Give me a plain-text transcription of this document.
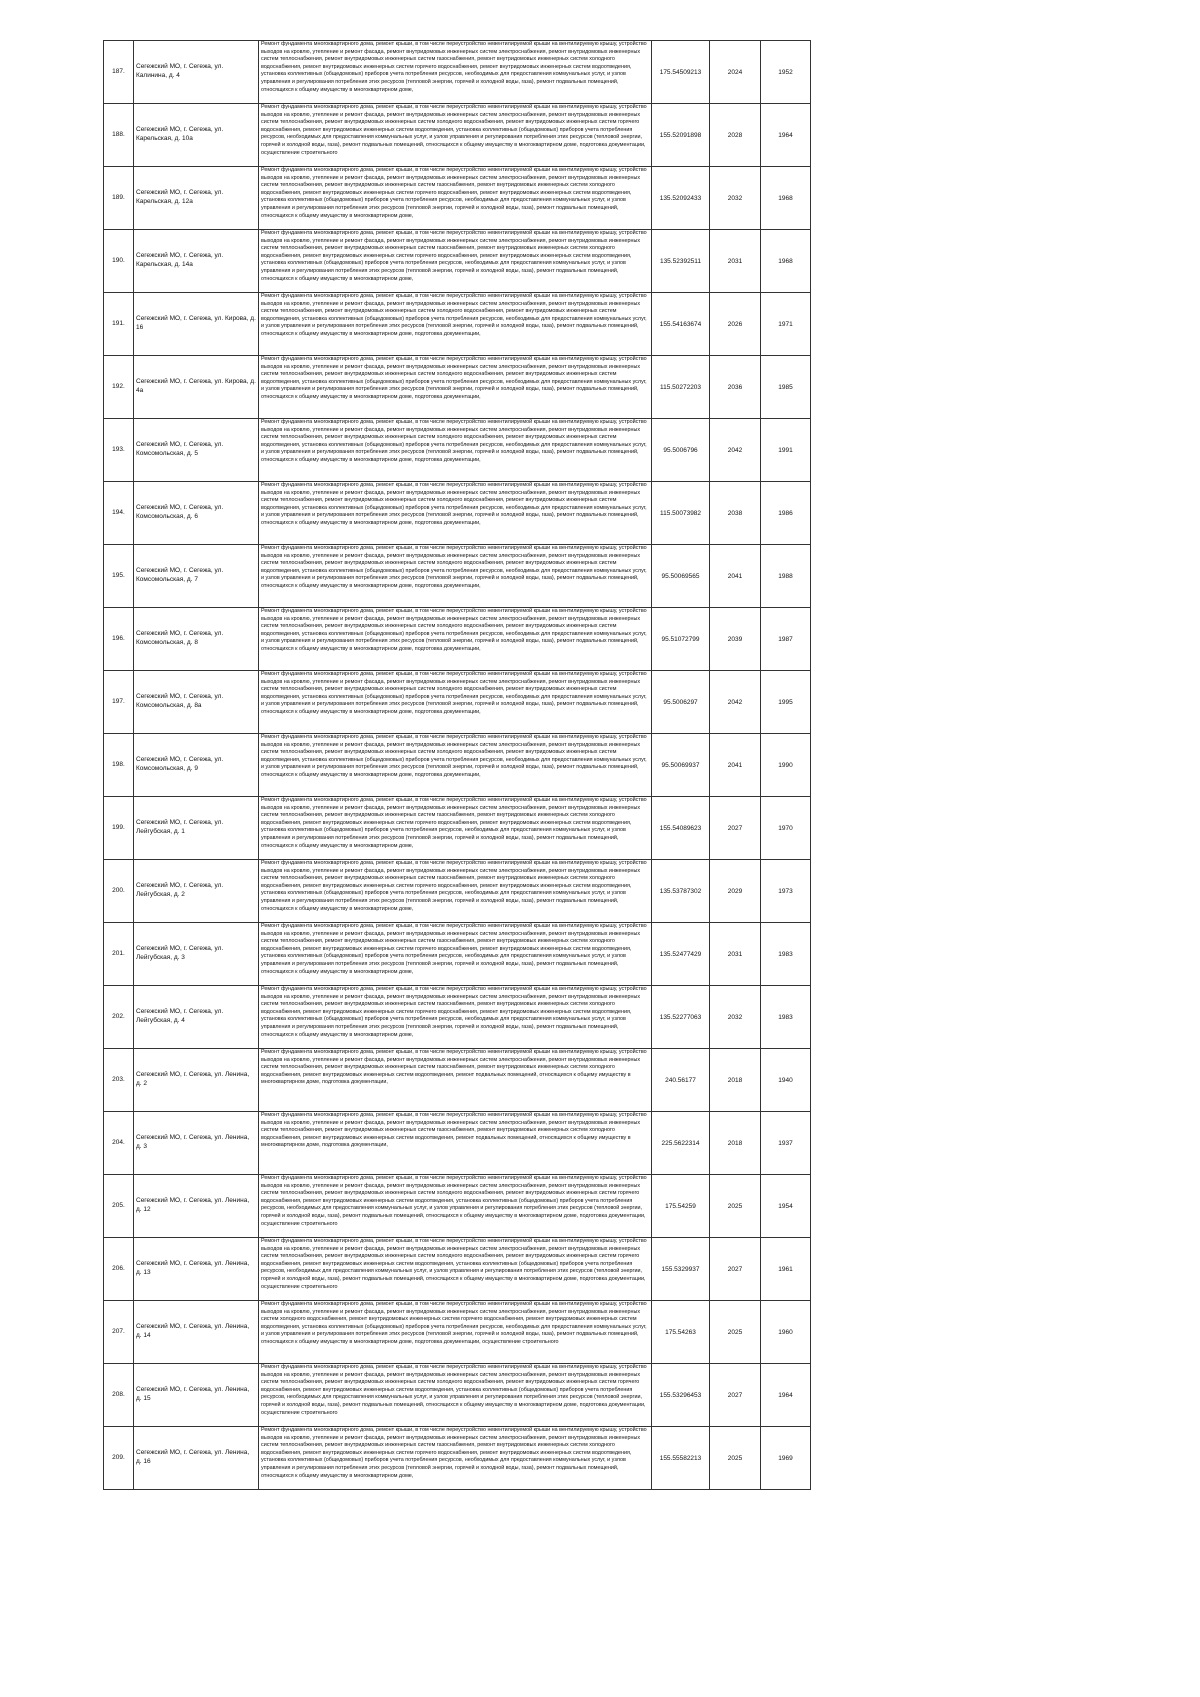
187.	Сегежский МО, г. Сегежа, ул. Калинина, д. 4	Ремонт фундамента многоквартирного дома, ремонт крыши, в том числе переустройство невентилируемой крыши на вентилируемую крышу, устройство выходов на кровлю, утепление и ремонт фасада, ремонт внутридомовых инженерных систем электроснабжения, ремонт внутридомовых инженерных систем теплоснабжения, ремонт внутридомовых инженерных систем газоснабжения, ремонт внутридомовых инженерных систем холодного водоснабжения, ремонт внутридомовых инженерных систем горячего водоснабжения, ремонт внутридомовых инженерных систем водоотведения, установка коллективных (общедомовых) приборов учета потребления ресурсов, необходимых для предоставления коммунальных услуг, и узлов управления и регулирования потребления этих ресурсов (тепловой энергии, горячей и холодной воды, газа), ремонт подвальных помещений, относящихся к общему имуществу в многоквартирном доме,	175.54509213	2024	1952
188.	Сегежский МО, г. Сегежа, ул. Карельская, д. 10а	Ремонт фундамента многоквартирного дома, ремонт крыши, в том числе переустройство невентилируемой крыши на вентилируемую крышу, устройство выходов на кровлю, утепление и ремонт фасада, ремонт внутридомовых инженерных систем электроснабжения, ремонт внутридомовых инженерных систем теплоснабжения, ремонт внутридомовых инженерных систем холодного водоснабжения, ремонт внутридомовых инженерных систем горячего водоснабжения, ремонт внутридомовых инженерных систем водоотведения, установка коллективных (общедомовых) приборов учета потребления ресурсов, необходимых для предоставления коммунальных услуг, и узлов управления и регулирования потребления этих ресурсов (тепловой энергии, горячей и холодной воды, газа), ремонт подвальных помещений, относящихся к общему имуществу в многоквартирном доме, подготовка документации, осуществление строительного	155.52091898	2028	1964
189.	Сегежский МО, г. Сегежа, ул. Карельская, д. 12а	Ремонт фундамента многоквартирного дома, ремонт крыши, в том числе переустройство невентилируемой крыши на вентилируемую крышу, устройство выходов на кровлю, утепление и ремонт фасада, ремонт внутридомовых инженерных систем электроснабжения, ремонт внутридомовых инженерных систем теплоснабжения, ремонт внутридомовых инженерных систем газоснабжения, ремонт внутридомовых инженерных систем холодного водоснабжения, ремонт внутридомовых инженерных систем горячего водоснабжения, ремонт внутридомовых инженерных систем водоотведения, установка коллективных (общедомовых) приборов учета потребления ресурсов, необходимых для предоставления коммунальных услуг, и узлов управления и регулирования потребления этих ресурсов (тепловой энергии, горячей и холодной воды, газа), ремонт подвальных помещений, относящихся к общему имуществу в многоквартирном доме,	135.52092433	2032	1968
190.	Сегежский МО, г. Сегежа, ул. Карельская, д. 14а	Ремонт фундамента многоквартирного дома, ремонт крыши, в том числе переустройство невентилируемой крыши на вентилируемую крышу, устройство выходов на кровлю, утепление и ремонт фасада, ремонт внутридомовых инженерных систем электроснабжения, ремонт внутридомовых инженерных систем теплоснабжения, ремонт внутридомовых инженерных систем газоснабжения, ремонт внутридомовых инженерных систем холодного водоснабжения, ремонт внутридомовых инженерных систем горячего водоснабжения, ремонт внутридомовых инженерных систем водоотведения, установка коллективных (общедомовых) приборов учета потребления ресурсов, необходимых для предоставления коммунальных услуг, и узлов управления и регулирования потребления этих ресурсов (тепловой энергии, горячей и холодной воды, газа), ремонт подвальных помещений, относящихся к общему имуществу в многоквартирном доме,	135.52392511	2031	1968
191.	Сегежский МО, г. Сегежа, ул. Кирова, д. 16	Ремонт фундамента многоквартирного дома, ремонт крыши, в том числе переустройство невентилируемой крыши на вентилируемую крышу, устройство выходов на кровлю, утепление и ремонт фасада, ремонт внутридомовых инженерных систем электроснабжения, ремонт внутридомовых инженерных систем теплоснабжения, ремонт внутридомовых инженерных систем холодного водоснабжения, ремонт внутридомовых инженерных систем водоотведения, установка коллективных (общедомовых) приборов учета потребления ресурсов, необходимых для предоставления коммунальных услуг, и узлов управления и регулирования потребления этих ресурсов (тепловой энергии, горячей и холодной воды, газа), ремонт подвальных помещений, относящихся к общему имуществу в многоквартирном доме, подготовка документации,	155.54163674	2026	1971
192.	Сегежский МО, г. Сегежа, ул. Кирова, д. 4а	Ремонт фундамента многоквартирного дома, ремонт крыши, в том числе переустройство невентилируемой крыши на вентилируемую крышу, устройство выходов на кровлю, утепление и ремонт фасада, ремонт внутридомовых инженерных систем электроснабжения, ремонт внутридомовых инженерных систем теплоснабжения, ремонт внутридомовых инженерных систем холодного водоснабжения, ремонт внутридомовых инженерных систем водоотведения, установка коллективных (общедомовых) приборов учета потребления ресурсов, необходимых для предоставления коммунальных услуг, и узлов управления и регулирования потребления этих ресурсов (тепловой энергии, горячей и холодной воды, газа), ремонт подвальных помещений, относящихся к общему имуществу в многоквартирном доме, подготовка документации,	115.50272203	2036	1985
193.	Сегежский МО, г. Сегежа, ул. Комсомольская, д. 5	Ремонт фундамента многоквартирного дома, ремонт крыши, в том числе переустройство невентилируемой крыши на вентилируемую крышу, устройство выходов на кровлю, утепление и ремонт фасада, ремонт внутридомовых инженерных систем электроснабжения, ремонт внутридомовых инженерных систем теплоснабжения, ремонт внутридомовых инженерных систем холодного водоснабжения, ремонт внутридомовых инженерных систем водоотведения, установка коллективных (общедомовых) приборов учета потребления ресурсов, необходимых для предоставления коммунальных услуг, и узлов управления и регулирования потребления этих ресурсов (тепловой энергии, горячей и холодной воды, газа), ремонт подвальных помещений, относящихся к общему имуществу в многоквартирном доме, подготовка документации,	95.5006796	2042	1991
194.	Сегежский МО, г. Сегежа, ул. Комсомольская, д. 6	Ремонт фундамента многоквартирного дома, ремонт крыши, в том числе переустройство невентилируемой крыши на вентилируемую крышу, устройство выходов на кровлю, утепление и ремонт фасада, ремонт внутридомовых инженерных систем электроснабжения, ремонт внутридомовых инженерных систем теплоснабжения, ремонт внутридомовых инженерных систем холодного водоснабжения, ремонт внутридомовых инженерных систем водоотведения, установка коллективных (общедомовых) приборов учета потребления ресурсов, необходимых для предоставления коммунальных услуг, и узлов управления и регулирования потребления этих ресурсов (тепловой энергии, горячей и холодной воды, газа), ремонт подвальных помещений, относящихся к общему имуществу в многоквартирном доме, подготовка документации,	115.50073982	2038	1986
195.	Сегежский МО, г. Сегежа, ул. Комсомольская, д. 7	Ремонт фундамента многоквартирного дома, ремонт крыши, в том числе переустройство невентилируемой крыши на вентилируемую крышу, устройство выходов на кровлю, утепление и ремонт фасада, ремонт внутридомовых инженерных систем электроснабжения, ремонт внутридомовых инженерных систем теплоснабжения, ремонт внутридомовых инженерных систем холодного водоснабжения, ремонт внутридомовых инженерных систем водоотведения, установка коллективных (общедомовых) приборов учета потребления ресурсов, необходимых для предоставления коммунальных услуг, и узлов управления и регулирования потребления этих ресурсов (тепловой энергии, горячей и холодной воды, газа), ремонт подвальных помещений, относящихся к общему имуществу в многоквартирном доме, подготовка документации,	95.50069565	2041	1988
196.	Сегежский МО, г. Сегежа, ул. Комсомольская, д. 8	Ремонт фундамента многоквартирного дома, ремонт крыши, в том числе переустройство невентилируемой крыши на вентилируемую крышу, устройство выходов на кровлю, утепление и ремонт фасада, ремонт внутридомовых инженерных систем электроснабжения, ремонт внутридомовых инженерных систем теплоснабжения, ремонт внутридомовых инженерных систем холодного водоснабжения, ремонт внутридомовых инженерных систем водоотведения, установка коллективных (общедомовых) приборов учета потребления ресурсов, необходимых для предоставления коммунальных услуг, и узлов управления и регулирования потребления этих ресурсов (тепловой энергии, горячей и холодной воды, газа), ремонт подвальных помещений, относящихся к общему имуществу в многоквартирном доме, подготовка документации,	95.51072799	2039	1987
197.	Сегежский МО, г. Сегежа, ул. Комсомольская, д. 8а	Ремонт фундамента многоквартирного дома, ремонт крыши, в том числе переустройство невентилируемой крыши на вентилируемую крышу, устройство выходов на кровлю, утепление и ремонт фасада, ремонт внутридомовых инженерных систем электроснабжения, ремонт внутридомовых инженерных систем теплоснабжения, ремонт внутридомовых инженерных систем холодного водоснабжения, ремонт внутридомовых инженерных систем водоотведения, установка коллективных (общедомовых) приборов учета потребления ресурсов, необходимых для предоставления коммунальных услуг, и узлов управления и регулирования потребления этих ресурсов (тепловой энергии, горячей и холодной воды, газа), ремонт подвальных помещений, относящихся к общему имуществу в многоквартирном доме, подготовка документации,	95.5006297	2042	1995
198.	Сегежский МО, г. Сегежа, ул. Комсомольская, д. 9	Ремонт фундамента многоквартирного дома, ремонт крыши, в том числе переустройство невентилируемой крыши на вентилируемую крышу, устройство выходов на кровлю, утепление и ремонт фасада, ремонт внутридомовых инженерных систем электроснабжения, ремонт внутридомовых инженерных систем теплоснабжения, ремонт внутридомовых инженерных систем холодного водоснабжения, ремонт внутридомовых инженерных систем водоотведения, установка коллективных (общедомовых) приборов учета потребления ресурсов, необходимых для предоставления коммунальных услуг, и узлов управления и регулирования потребления этих ресурсов (тепловой энергии, горячей и холодной воды, газа), ремонт подвальных помещений, относящихся к общему имуществу в многоквартирном доме, подготовка документации,	95.50069937	2041	1990
199.	Сегежский МО, г. Сегежа, ул. Лейгубская, д. 1	Ремонт фундамента многоквартирного дома, ремонт крыши, в том числе переустройство невентилируемой крыши на вентилируемую крышу, устройство выходов на кровлю, утепление и ремонт фасада, ремонт внутридомовых инженерных систем электроснабжения, ремонт внутридомовых инженерных систем теплоснабжения, ремонт внутридомовых инженерных систем газоснабжения, ремонт внутридомовых инженерных систем холодного водоснабжения, ремонт внутридомовых инженерных систем горячего водоснабжения, ремонт внутридомовых инженерных систем водоотведения, установка коллективных (общедомовых) приборов учета потребления ресурсов, необходимых для предоставления коммунальных услуг, и узлов управления и регулирования потребления этих ресурсов (тепловой энергии, горячей и холодной воды, газа), ремонт подвальных помещений, относящихся к общему имуществу в многоквартирном доме,	155.54089623	2027	1970
200.	Сегежский МО, г. Сегежа, ул. Лейгубская, д. 2	Ремонт фундамента многоквартирного дома, ремонт крыши, в том числе переустройство невентилируемой крыши на вентилируемую крышу, устройство выходов на кровлю, утепление и ремонт фасада, ремонт внутридомовых инженерных систем электроснабжения, ремонт внутридомовых инженерных систем теплоснабжения, ремонт внутридомовых инженерных систем газоснабжения, ремонт внутридомовых инженерных систем холодного водоснабжения, ремонт внутридомовых инженерных систем горячего водоснабжения, ремонт внутридомовых инженерных систем водоотведения, установка коллективных (общедомовых) приборов учета потребления ресурсов, необходимых для предоставления коммунальных услуг, и узлов управления и регулирования потребления этих ресурсов (тепловой энергии, горячей и холодной воды, газа), ремонт подвальных помещений, относящихся к общему имуществу в многоквартирном доме,	135.53787302	2029	1973
201.	Сегежский МО, г. Сегежа, ул. Лейгубская, д. 3	Ремонт фундамента многоквартирного дома, ремонт крыши, в том числе переустройство невентилируемой крыши на вентилируемую крышу, устройство выходов на кровлю, утепление и ремонт фасада, ремонт внутридомовых инженерных систем электроснабжения, ремонт внутридомовых инженерных систем теплоснабжения, ремонт внутридомовых инженерных систем газоснабжения, ремонт внутридомовых инженерных систем холодного водоснабжения, ремонт внутридомовых инженерных систем горячего водоснабжения, ремонт внутридомовых инженерных систем водоотведения, установка коллективных (общедомовых) приборов учета потребления ресурсов, необходимых для предоставления коммунальных услуг, и узлов управления и регулирования потребления этих ресурсов (тепловой энергии, горячей и холодной воды, газа), ремонт подвальных помещений, относящихся к общему имуществу в многоквартирном доме,	135.52477429	2031	1983
202.	Сегежский МО, г. Сегежа, ул. Лейгубская, д. 4	Ремонт фундамента многоквартирного дома, ремонт крыши, в том числе переустройство невентилируемой крыши на вентилируемую крышу, устройство выходов на кровлю, утепление и ремонт фасада, ремонт внутридомовых инженерных систем электроснабжения, ремонт внутридомовых инженерных систем теплоснабжения, ремонт внутридомовых инженерных систем газоснабжения, ремонт внутридомовых инженерных систем холодного водоснабжения, ремонт внутридомовых инженерных систем горячего водоснабжения, ремонт внутридомовых инженерных систем водоотведения, установка коллективных (общедомовых) приборов учета потребления ресурсов, необходимых для предоставления коммунальных услуг, и узлов управления и регулирования потребления этих ресурсов (тепловой энергии, горячей и холодной воды, газа), ремонт подвальных помещений, относящихся к общему имуществу в многоквартирном доме,	135.52277063	2032	1983
203.	Сегежский МО, г. Сегежа, ул. Ленина, д. 2	Ремонт фундамента многоквартирного дома, ремонт крыши, в том числе переустройство невентилируемой крыши на вентилируемую крышу, устройство выходов на кровлю, утепление и ремонт фасада, ремонт внутридомовых инженерных систем электроснабжения, ремонт внутридомовых инженерных систем теплоснабжения, ремонт внутридомовых инженерных систем газоснабжения, ремонт внутридомовых инженерных систем холодного водоснабжения, ремонт внутридомовых инженерных систем водоотведения, ремонт подвальных помещений, относящихся к общему имуществу в многоквартирном доме, подготовка документации,	240.56177	2018	1940
204.	Сегежский МО, г. Сегежа, ул. Ленина, д. 3	Ремонт фундамента многоквартирного дома, ремонт крыши, в том числе переустройство невентилируемой крыши на вентилируемую крышу, устройство выходов на кровлю, утепление и ремонт фасада, ремонт внутридомовых инженерных систем электроснабжения, ремонт внутридомовых инженерных систем теплоснабжения, ремонт внутридомовых инженерных систем газоснабжения, ремонт внутридомовых инженерных систем холодного водоснабжения, ремонт внутридомовых инженерных систем водоотведения, ремонт подвальных помещений, относящихся к общему имуществу в многоквартирном доме, подготовка документации,	225.5622314	2018	1937
205.	Сегежский МО, г. Сегежа, ул. Ленина, д. 12	Ремонт фундамента многоквартирного дома, ремонт крыши, в том числе переустройство невентилируемой крыши на вентилируемую крышу, устройство выходов на кровлю, утепление и ремонт фасада, ремонт внутридомовых инженерных систем электроснабжения, ремонт внутридомовых инженерных систем теплоснабжения, ремонт внутридомовых инженерных систем холодного водоснабжения, ремонт внутридомовых инженерных систем горячего водоснабжения, ремонт внутридомовых инженерных систем водоотведения, установка коллективных (общедомовых) приборов учета потребления ресурсов, необходимых для предоставления коммунальных услуг, и узлов управления и регулирования потребления этих ресурсов (тепловой энергии, горячей и холодной воды, газа), ремонт подвальных помещений, относящихся к общему имуществу в многоквартирном доме, подготовка документации, осуществление строительного	175.54259	2025	1954
206.	Сегежский МО, г. Сегежа, ул. Ленина, д. 13	Ремонт фундамента многоквартирного дома, ремонт крыши, в том числе переустройство невентилируемой крыши на вентилируемую крышу, устройство выходов на кровлю, утепление и ремонт фасада, ремонт внутридомовых инженерных систем электроснабжения, ремонт внутридомовых инженерных систем теплоснабжения, ремонт внутридомовых инженерных систем холодного водоснабжения, ремонт внутридомовых инженерных систем горячего водоснабжения, ремонт внутридомовых инженерных систем водоотведения, установка коллективных (общедомовых) приборов учета потребления ресурсов, необходимых для предоставления коммунальных услуг, и узлов управления и регулирования потребления этих ресурсов (тепловой энергии, горячей и холодной воды, газа), ремонт подвальных помещений, относящихся к общему имуществу в многоквартирном доме, подготовка документации, осуществление строительного	155.5329937	2027	1961
207.	Сегежский МО, г. Сегежа, ул. Ленина, д. 14	Ремонт фундамента многоквартирного дома, ремонт крыши, в том числе переустройство невентилируемой крыши на вентилируемую крышу, устройство выходов на кровлю, утепление и ремонт фасада, ремонт внутридомовых инженерных систем электроснабжения, ремонт внутридомовых инженерных систем холодного водоснабжения, ремонт внутридомовых инженерных систем горячего водоснабжения, ремонт внутридомовых инженерных систем водоотведения, установка коллективных (общедомовых) приборов учета потребления ресурсов, необходимых для предоставления коммунальных услуг, и узлов управления и регулирования потребления этих ресурсов (тепловой энергии, горячей и холодной воды, газа), ремонт подвальных помещений, относящихся к общему имуществу в многоквартирном доме, подготовка документации, осуществление строительного	175.54263	2025	1960
208.	Сегежский МО, г. Сегежа, ул. Ленина, д. 15	Ремонт фундамента многоквартирного дома, ремонт крыши, в том числе переустройство невентилируемой крыши на вентилируемую крышу, устройство выходов на кровлю, утепление и ремонт фасада, ремонт внутридомовых инженерных систем электроснабжения, ремонт внутридомовых инженерных систем теплоснабжения, ремонт внутридомовых инженерных систем холодного водоснабжения, ремонт внутридомовых инженерных систем горячего водоснабжения, ремонт внутридомовых инженерных систем водоотведения, установка коллективных (общедомовых) приборов учета потребления ресурсов, необходимых для предоставления коммунальных услуг, и узлов управления и регулирования потребления этих ресурсов (тепловой энергии, горячей и холодной воды, газа), ремонт подвальных помещений, относящихся к общему имуществу в многоквартирном доме, подготовка документации, осуществление строительного	155.53296453	2027	1964
209.	Сегежский МО, г. Сегежа, ул. Ленина, д. 16	Ремонт фундамента многоквартирного дома, ремонт крыши, в том числе переустройство невентилируемой крыши на вентилируемую крышу, устройство выходов на кровлю, утепление и ремонт фасада, ремонт внутридомовых инженерных систем электроснабжения, ремонт внутридомовых инженерных систем теплоснабжения, ремонт внутридомовых инженерных систем газоснабжения, ремонт внутридомовых инженерных систем холодного водоснабжения, ремонт внутридомовых инженерных систем горячего водоснабжения, ремонт внутридомовых инженерных систем водоотведения, установка коллективных (общедомовых) приборов учета потребления ресурсов, необходимых для предоставления коммунальных услуг, и узлов управления и регулирования потребления этих ресурсов (тепловой энергии, горячей и холодной воды, газа), ремонт подвальных помещений, относящихся к общему имуществу в многоквартирном доме,	155.55582213	2025	1969
